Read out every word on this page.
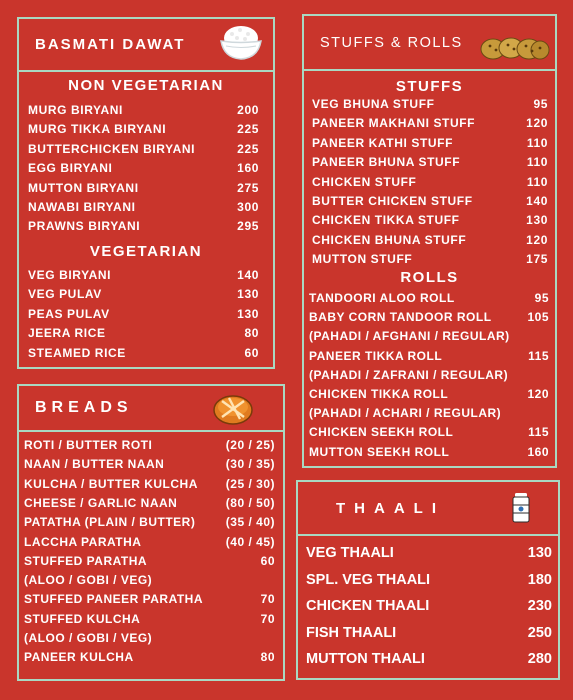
BASMATI DAWAT
NON VEGETARIAN
MURG BIRYANI	200
MURG TIKKA BIRYANI	225
BUTTERCHICKEN BIRYANI	225
EGG BIRYANI	160
MUTTON BIRYANI	275
NAWABI BIRYANI	300
PRAWNS BIRYANI	295
VEGETARIAN
VEG BIRYANI	140
VEG PULAV	130
PEAS PULAV	130
JEERA RICE	80
STEAMED RICE	60
BREADS
ROTI / BUTTER ROTI	(20 / 25)
NAAN / BUTTER NAAN	(30 / 35)
KULCHA / BUTTER KULCHA (25 / 30)
CHEESE / GARLIC NAAN	(80 / 50)
PATATHA (PLAIN / BUTTER)	(35 / 40)
LACCHA PARATHA	(40 / 45)
STUFFED PARATHA	60
(ALOO / GOBI / VEG)
STUFFED PANEER PARATHA	70
STUFFED KULCHA	70
(ALOO / GOBI / VEG)
PANEER KULCHA	80
STUFFS & ROLLS
STUFFS
VEG BHUNA STUFF	95
PANEER MAKHANI STUFF	120
PANEER KATHI STUFF	110
PANEER BHUNA STUFF	110
CHICKEN STUFF	110
BUTTER CHICKEN STUFF	140
CHICKEN TIKKA STUFF	130
CHICKEN BHUNA STUFF	120
MUTTON STUFF	175
ROLLS
TANDOORI ALOO ROLL	95
BABY CORN TANDOOR ROLL	105
(PAHADI / AFGHANI / REGULAR)
PANEER TIKKA ROLL	115
(PAHADI / ZAFRANI / REGULAR)
CHICKEN TIKKA ROLL	120
(PAHADI / ACHARI / REGULAR)
CHICKEN SEEKH ROLL	115
MUTTON SEEKH ROLL	160
THAALI
VEG THAALI	130
SPL. VEG THAALI	180
CHICKEN THAALI	230
FISH THAALI	250
MUTTON THAALI	280
